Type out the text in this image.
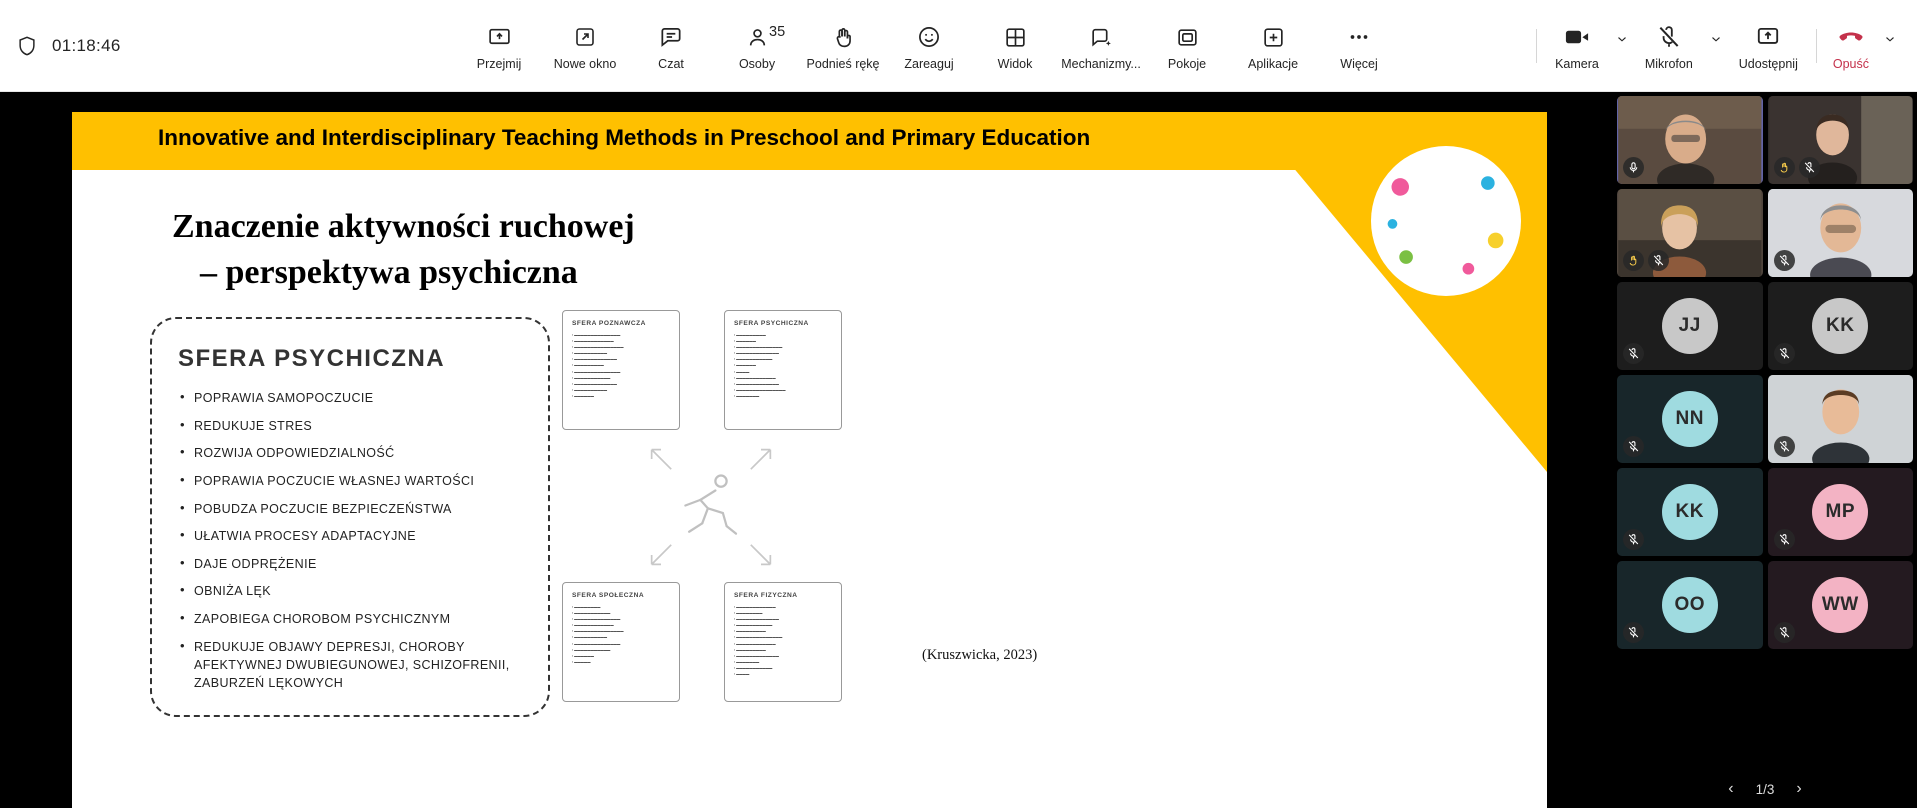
01:18:46
Przejmij	Nowe okno	Czat
35
Osoby	Podnieś rękę Zareaguj	Widok Mechanizmy... Pokoje	Aplikacje	Więcej	Kamera	Mikrofon	Udostępnij	Opuść
Innovative and Interdisciplinary Teaching Methods in Preschool and Primary Education
Znaczenie aktywności ruchowej
– perspektywa psychiczna
SFERA PSYCHICZNA
• POPRAWIA SAMOPOCZUCIE
• REDUKUJE STRES
• ROZWIJA ODPOWIEDZIALNOŚĆ
• POPRAWIA POCZUCIE WŁASNEJ WARTOŚCI
• POBUDZA POCZUCIE BEZPIECZEŃSTWA
• UŁATWIA PROCESY ADAPTACYJNE
• DAJE ODPRĘŻENIE
• OBNIŻA LĘK
• ZAPOBIEGA CHOROBOM PSYCHICZNYM
• REDUKUJE OBJAWY DEPRESJI, CHOROBY AFEKTYWNEJ DWUBIEGUNOWEJ, SCHIZOFRENII, ZABURZEŃ LĘKOWYCH
SFERA POZNAWCZA
▪ ▬▬▬▬▬▬▬▬▬▬▬▬▬▬
▪ ▬▬▬▬▬▬▬▬▬▬▬▬
▪ ▬▬▬▬▬▬▬▬▬▬▬▬▬▬▬
▪ ▬▬▬▬▬▬▬▬▬▬
▪ ▬▬▬▬▬▬▬▬▬▬▬▬▬
▪ ▬▬▬▬▬▬▬▬▬
▪ ▬▬▬▬▬▬▬▬▬▬▬▬▬▬
▪ ▬▬▬▬▬▬▬▬▬▬▬
▪ ▬▬▬▬▬▬▬▬▬▬▬▬▬
▪ ▬▬▬▬▬▬▬▬▬▬
▪ ▬▬▬▬▬▬
SFERA PSYCHICZNA
▪ ▬▬▬▬▬▬▬▬▬
▪ ▬▬▬▬▬▬
▪ ▬▬▬▬▬▬▬▬▬▬▬▬▬▬
▪ ▬▬▬▬▬▬▬▬▬▬▬▬▬
▪ ▬▬▬▬▬▬▬▬▬▬▬
▪ ▬▬▬▬▬▬
▪ ▬▬▬▬
▪ ▬▬▬▬▬▬▬▬▬▬▬▬
▪ ▬▬▬▬▬▬▬▬▬▬▬▬▬
▪ ▬▬▬▬▬▬▬▬▬▬▬▬▬▬▬
▪ ▬▬▬▬▬▬▬
SFERA SPOŁECZNA
▪ ▬▬▬▬▬▬▬▬
▪ ▬▬▬▬▬▬▬▬▬▬▬
▪ ▬▬▬▬▬▬▬▬▬▬▬▬▬▬
▪ ▬▬▬▬▬▬▬▬▬▬▬▬
▪ ▬▬▬▬▬▬▬▬▬▬▬▬▬▬▬
▪ ▬▬▬▬▬▬▬▬▬▬
▪ ▬▬▬▬▬▬▬▬▬▬▬▬▬▬
▪ ▬▬▬▬▬▬▬▬▬▬▬
▪ ▬▬▬▬▬▬
▪ ▬▬▬▬▬
SFERA FIZYCZNA
▪ ▬▬▬▬▬▬▬▬▬▬▬▬
▪ ▬▬▬▬▬▬▬▬
▪ ▬▬▬▬▬▬▬▬▬▬▬▬▬
▪ ▬▬▬▬▬▬▬▬▬▬▬
▪ ▬▬▬▬▬▬▬▬▬
▪ ▬▬▬▬▬▬▬▬▬▬▬▬▬▬
▪ ▬▬▬▬▬▬▬▬▬▬▬▬
▪ ▬▬▬▬▬▬▬▬▬
▪ ▬▬▬▬▬▬▬▬▬▬▬▬▬
▪ ▬▬▬▬▬▬▬
▪ ▬▬▬▬▬▬▬▬▬▬▬
▪ ▬▬▬▬
(Kruszwicka, 2023)
JJ	KK
NN
KK	MP
OO	WW
‹ 1/3 ›
